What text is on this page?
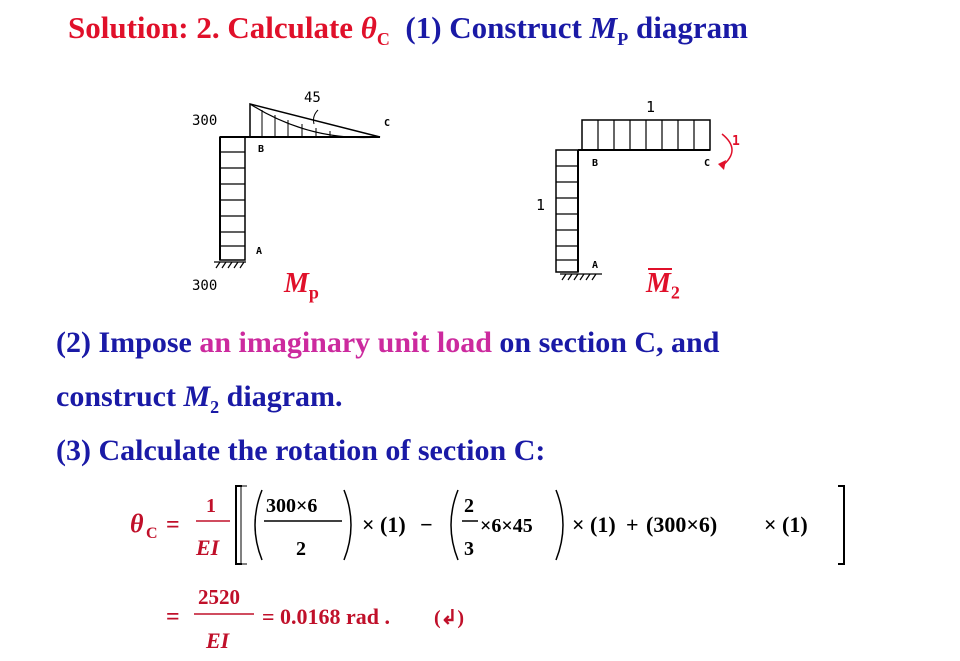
Solution: 2. Calculate $\theta_C$ (1) Construct $M_P$ diagram
300
45
300
B
C
A
$M_p$
1
1
1
B	C
A
$M_2$
(2) Impose an imaginary unit load on section C, and
construct $M_2$ diagram.
(3) Calculate the rotation of section C:
θ C =
1
EI
300×6
2
× (1) −
2
3
×6×45 × (1) + (300×6) × (1)
=
2520
EI
= 0.0168 rad . (↲)
